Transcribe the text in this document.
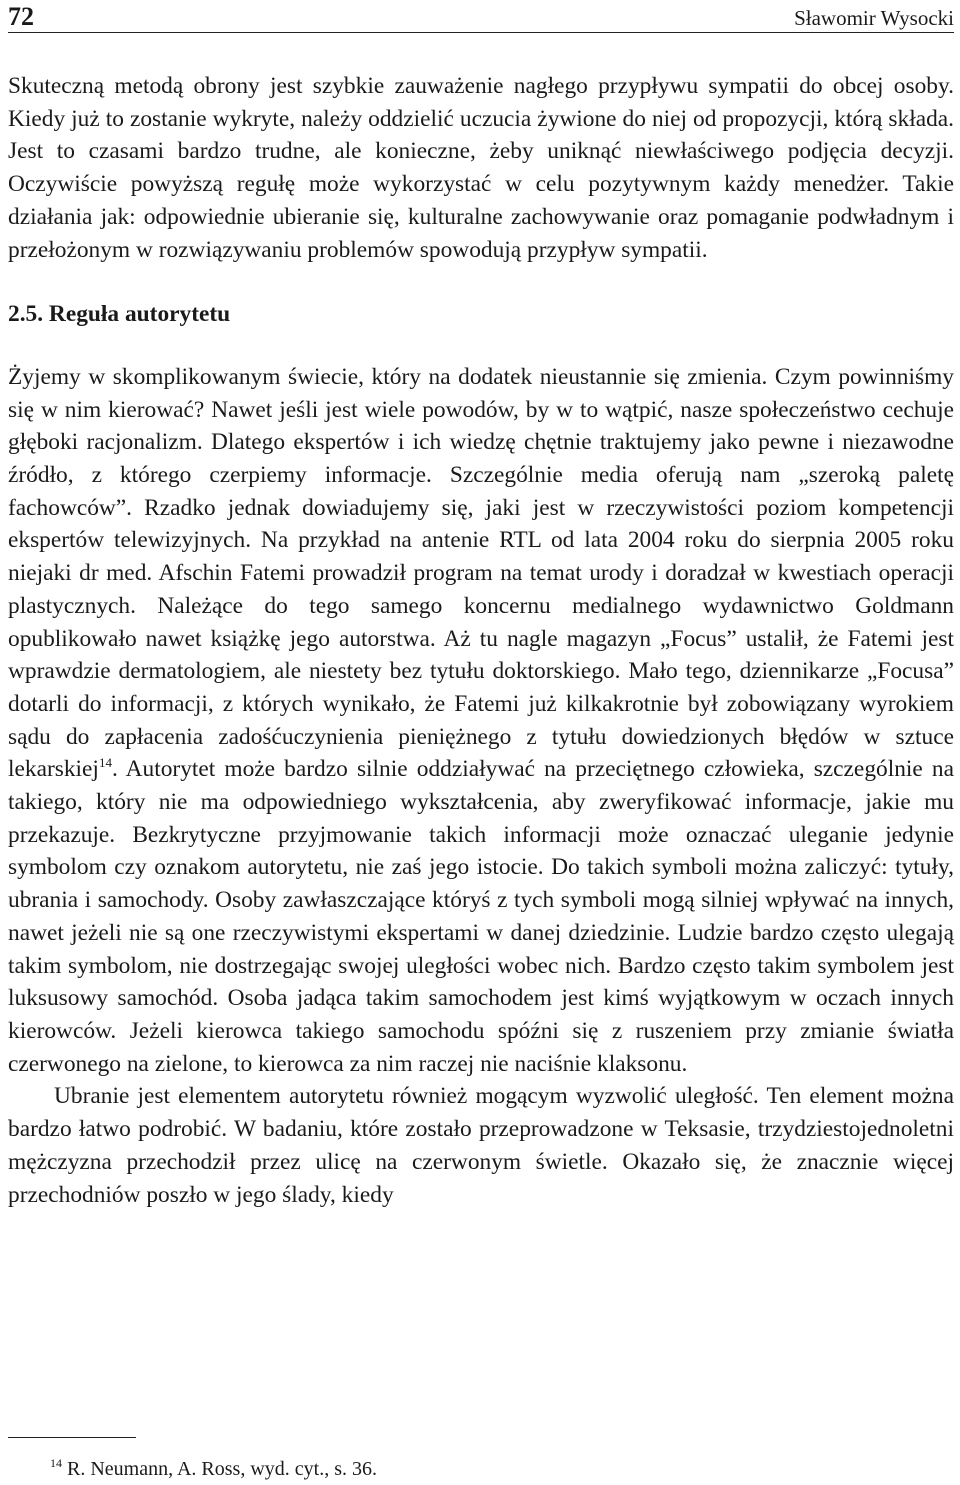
72	Sławomir Wysocki

Skuteczną metodą obrony jest szybkie zauważenie nagłego przypływu sympatii do obcej osoby. Kiedy już to zostanie wykryte, należy oddzielić uczucia żywione do niej od propozycji, którą składa. Jest to czasami bardzo trudne, ale konieczne, żeby uniknąć niewłaściwego podjęcia decyzji. Oczywiście powyższą regułę może wykorzystać w celu pozytywnym każdy menedżer. Takie działania jak: odpowiednie ubieranie się, kulturalne zachowywanie oraz pomaganie podwładnym i przełożonym w rozwiązywaniu problemów spowodują przypływ sympatii.

2.5. Reguła autorytetu

Żyjemy w skomplikowanym świecie, który na dodatek nieustannie się zmienia. Czym powinniśmy się w nim kierować? Nawet jeśli jest wiele powodów, by w to wątpić, nasze społeczeństwo cechuje głęboki racjonalizm. Dlatego ekspertów i ich wiedzę chętnie traktujemy jako pewne i niezawodne źródło, z którego czerpiemy informacje. Szczególnie media oferują nam „szeroką paletę fachowców”. Rzadko jednak dowiadujemy się, jaki jest w rzeczywistości poziom kompetencji ekspertów telewizyjnych. Na przykład na antenie RTL od lata 2004 roku do sierpnia 2005 roku niejaki dr med. Afschin Fatemi prowadził program na temat urody i doradzał w kwestiach operacji plastycznych. Należące do tego samego koncernu medialnego wydawnictwo Goldmann opublikowało nawet książkę jego autorstwa. Aż tu nagle magazyn „Focus” ustalił, że Fatemi jest wprawdzie dermatologiem, ale niestety bez tytułu doktorskiego. Mało tego, dziennikarze „Focusa” dotarli do informacji, z których wynikało, że Fatemi już kilkakrotnie był zobowiązany wyrokiem sądu do zapłacenia zadośćuczynienia pieniężnego z tytułu dowiedzionych błędów w sztuce lekarskiej$^{14}$. Autorytet może bardzo silnie oddziaływać na przeciętnego człowieka, szczególnie na takiego, który nie ma odpowiedniego wykształcenia, aby zweryfikować informacje, jakie mu przekazuje. Bezkrytyczne przyjmowanie takich informacji może oznaczać uleganie jedynie symbolom czy oznakom autorytetu, nie zaś jego istocie. Do takich symboli można zaliczyć: tytuły, ubrania i samochody. Osoby zawłaszczające któryś z tych symboli mogą silniej wpływać na innych, nawet jeżeli nie są one rzeczywistymi ekspertami w danej dziedzinie. Ludzie bardzo często ulegają takim symbolom, nie dostrzegając swojej uległości wobec nich. Bardzo często takim symbolem jest luksusowy samochód. Osoba jadąca takim samochodem jest kimś wyjątkowym w oczach innych kierowców. Jeżeli kierowca takiego samochodu spóźni się z ruszeniem przy zmianie światła czerwonego na zielone, to kierowca za nim raczej nie naciśnie klaksonu.

Ubranie jest elementem autorytetu również mogącym wyzwolić uległość. Ten element można bardzo łatwo podrobić. W badaniu, które zostało przeprowadzone w Teksasie, trzydziestojednoletni mężczyzna przechodził przez ulicę na czerwonym świetle. Okazało się, że znacznie więcej przechodniów poszło w jego ślady, kiedy

$^{14}$ R. Neumann, A. Ross, wyd. cyt., s. 36.
